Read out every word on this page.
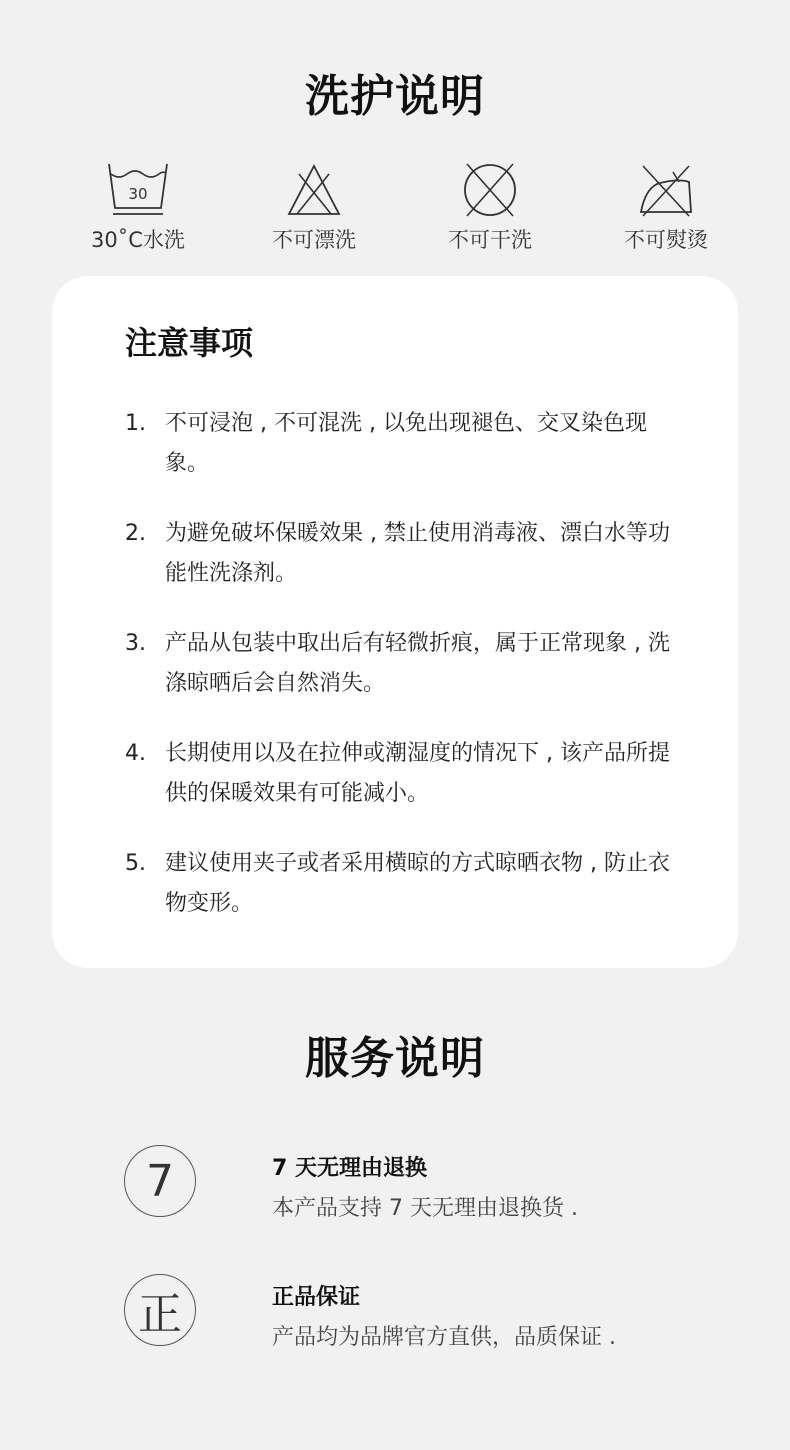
洗护说明
30
30˚C水洗	不可漂洗	不可干洗	不可熨烫
注意事项
1. 不可浸泡 , 不可混洗 , 以免出现褪色、交叉染色现象。
2. 为避免破坏保暖效果 , 禁止使用消毒液、漂白水等功能性洗涤剂。
3. 产品从包装中取出后有轻微折痕，属于正常现象 , 洗涤晾晒后会自然消失。
4. 长期使用以及在拉伸或潮湿度的情况下 , 该产品所提供的保暖效果有可能减小。
5. 建议使用夹子或者采用横晾的方式晾晒衣物 , 防止衣物变形。
服务说明
7	7 天无理由退换
本产品支持 7 天无理由退换货 .
正	正品保证
产品均为品牌官方直供，品质保证 .
